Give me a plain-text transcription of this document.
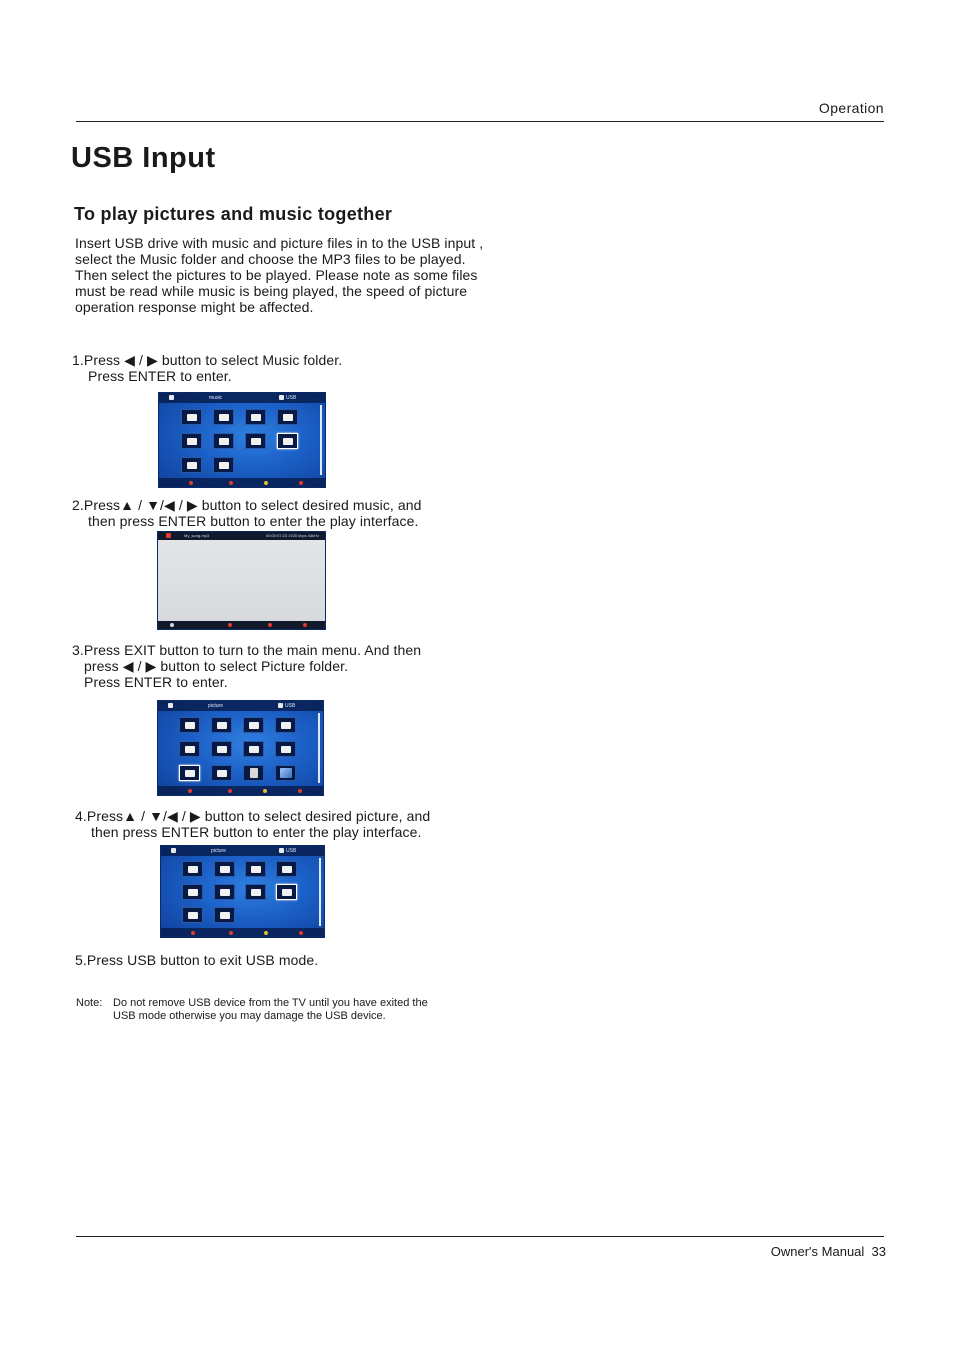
Operation
USB Input
To play pictures and music together
Insert USB drive with music and picture files in to the USB input , select the Music folder and choose the MP3 files to be played. Then select the pictures to be played. Please note as some files must be read while music is being played, the speed of picture operation response might be affected.
1.Press ◀ / ▶ button to select Music folder.
Press ENTER to enter.
music	USB
2.Press▲ / ▼/◀ / ▶ button to select desired music, and
then press ENTER button to enter the play interface.
My_song.mp3	00:00:07:23 1920 kbps 44kHz
3.Press EXIT button to turn to the main menu. And then
press ◀ / ▶ button to select Picture folder.
Press ENTER to enter.
picture	USB
4.Press▲ / ▼/◀ / ▶ button to select desired picture, and
then press ENTER button to enter the play interface.
picture	USB
5.Press USB button to exit USB mode.
Note: Do not remove USB device from the TV until you have exited the
USB mode otherwise you may damage the USB device.
Owner's Manual 33
